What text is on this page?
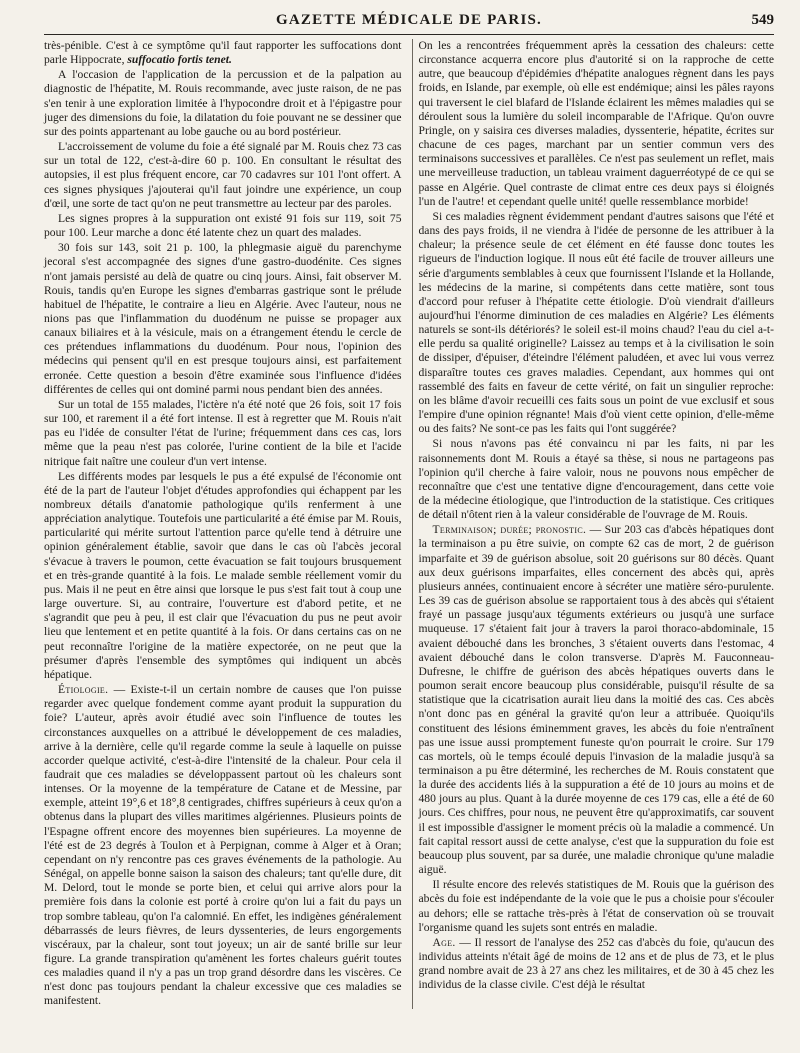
GAZETTE MÉDICALE DE PARIS.	549

très-pénible. C'est à ce symptôme qu'il faut rapporter les suffocations dont parle Hippocrate, suffocatio fortis tenet.

A l'occasion de l'application de la percussion et de la palpation au diagnostic de l'hépatite, M. Rouis recommande, avec juste raison, de ne pas s'en tenir à une exploration limitée à l'hypocondre droit et à l'épigastre pour juger des dimensions du foie, la dilatation du foie pouvant ne se dessiner que sur des points appartenant au lobe gauche ou au bord postérieur.

L'accroissement de volume du foie a été signalé par M. Rouis chez 73 cas sur un total de 122, c'est-à-dire 60 p. 100. En consultant le résultat des autopsies, il est plus fréquent encore, car 70 cadavres sur 101 l'ont offert. A ces signes physiques j'ajouterai qu'il faut joindre une expérience, un coup d'œil, une sorte de tact qu'on ne peut transmettre au lecteur par des paroles.

Les signes propres à la suppuration ont existé 91 fois sur 119, soit 75 pour 100. Leur marche a donc été latente chez un quart des malades.

30 fois sur 143, soit 21 p. 100, la phlegmasie aiguë du parenchyme jecoral s'est accompagnée des signes d'une gastro-duodénite. Ces signes n'ont jamais persisté au delà de quatre ou cinq jours. Ainsi, fait observer M. Rouis, tandis qu'en Europe les signes d'embarras gastrique sont le prélude habituel de l'hépatite, le contraire a lieu en Algérie. Avec l'auteur, nous ne nions pas que l'inflammation du duodénum ne puisse se propager aux canaux biliaires et à la vésicule, mais on a étrangement étendu le cercle de ces prétendues inflammations du duodénum. Pour nous, l'opinion des médecins qui pensent qu'il en est presque toujours ainsi, est parfaitement erronée. Cette question a besoin d'être examinée sous l'influence d'idées différentes de celles qui ont dominé parmi nous pendant bien des années.

Sur un total de 155 malades, l'ictère n'a été noté que 26 fois, soit 17 fois sur 100, et rarement il a été fort intense. Il est à regretter que M. Rouis n'ait pas eu l'idée de consulter l'état de l'urine; fréquemment dans ces cas, lors même que la peau n'est pas colorée, l'urine contient de la bile et l'acide nitrique fait naître une couleur d'un vert intense.

Les différents modes par lesquels le pus a été expulsé de l'économie ont été de la part de l'auteur l'objet d'études approfondies qui échappent par les nombreux détails d'anatomie pathologique qu'ils renferment à une appréciation analytique. Toutefois une particularité a été émise par M. Rouis, particularité qui mérite surtout l'attention parce qu'elle tend à détruire une opinion généralement établie, savoir que dans le cas où l'abcès jecoral s'évacue à travers le poumon, cette évacuation se fait toujours brusquement et en très-grande quantité à la fois. Le malade semble réellement vomir du pus. Mais il ne peut en être ainsi que lorsque le pus s'est fait tout à coup une large ouverture. Si, au contraire, l'ouverture est d'abord petite, et ne s'agrandit que peu à peu, il est clair que l'évacuation du pus ne peut avoir lieu que lentement et en petite quantité à la fois. Or dans certains cas on ne peut reconnaître l'origine de la matière expectorée, on ne peut que la présumer d'après l'ensemble des symptômes qui indiquent un abcès hépatique.

Étiologie. — Existe-t-il un certain nombre de causes que l'on puisse regarder avec quelque fondement comme ayant produit la suppuration du foie? L'auteur, après avoir étudié avec soin l'influence de toutes les circonstances auxquelles on a attribué le développement de ces maladies, arrive à la dernière, celle qu'il regarde comme la seule à laquelle on puisse accorder quelque activité, c'est-à-dire l'intensité de la chaleur. Pour cela il faudrait que ces maladies se développassent partout où les chaleurs sont intenses. Or la moyenne de la température de Catane et de Messine, par exemple, atteint 19°,6 et 18°,8 centigrades, chiffres supérieurs à ceux qu'on a obtenus dans la plupart des villes maritimes algériennes. Plusieurs points de l'Espagne offrent encore des moyennes bien supérieures. La moyenne de l'été est de 23 degrés à Toulon et à Perpignan, comme à Alger et à Oran; cependant on n'y rencontre pas ces graves événements de la pathologie. Au Sénégal, on appelle bonne saison la saison des chaleurs; tant qu'elle dure, dit M. Delord, tout le monde se porte bien, et celui qui arrive alors pour la première fois dans la colonie est porté à croire qu'on lui a fait du pays un trop sombre tableau, qu'on l'a calomnié. En effet, les indigènes généralement débarrassés de leurs fièvres, de leurs dyssenteries, de leurs engorgements viscéraux, par la chaleur, sont tout joyeux; un air de santé brille sur leur figure. La grande transpiration qu'amènent les fortes chaleurs guérit toutes ces maladies quand il n'y a pas un trop grand désordre dans les viscères. Ce n'est donc pas toujours pendant la chaleur excessive que ces maladies se manifestent.

On les a rencontrées fréquemment après la cessation des chaleurs: cette circonstance acquerra encore plus d'autorité si on la rapproche de cette autre, que beaucoup d'épidémies d'hépatite analogues règnent dans les pays froids, en Islande, par exemple, où elle est endémique; ainsi les pâles rayons qui traversent le ciel blafard de l'Islande éclairent les mêmes maladies qui se déroulent sous la lumière du soleil incomparable de l'Afrique. Qu'on ouvre Pringle, on y saisira ces diverses maladies, dyssenterie, hépatite, écrites sur chacune de ces pages, marchant par un sentier commun vers des terminaisons successives et parallèles. Ce n'est pas seulement un reflet, mais une merveilleuse traduction, un tableau vraiment daguerréotypé de ce qui se passe en Algérie. Quel contraste de climat entre ces deux pays si éloignés l'un de l'autre! et cependant quelle unité! quelle ressemblance morbide!

Si ces maladies règnent évidemment pendant d'autres saisons que l'été et dans des pays froids, il ne viendra à l'idée de personne de les attribuer à la chaleur; la présence seule de cet élément en été fausse donc toutes les rigueurs de l'induction logique. Il nous eût été facile de trouver ailleurs une série d'arguments semblables à ceux que fournissent l'Islande et la Hollande, les médecins de la marine, si compétents dans cette matière, sont tous d'accord pour refuser à l'hépatite cette étiologie. D'où viendrait d'ailleurs aujourd'hui l'énorme diminution de ces maladies en Algérie? Les éléments naturels se sont-ils détériorés? le soleil est-il moins chaud? l'eau du ciel a-t-elle perdu sa qualité originelle? Laissez au temps et à la civilisation le soin de dissiper, d'épuiser, d'éteindre l'élément paludéen, et avec lui vous verrez disparaître toutes ces graves maladies. Cependant, aux hommes qui ont rassemblé des faits en faveur de cette vérité, on fait un singulier reproche: on les blâme d'avoir recueilli ces faits sous un point de vue exclusif et sous l'empire d'une opinion régnante! Mais d'où vient cette opinion, d'elle-même ou des faits? Ne sont-ce pas les faits qui l'ont suggérée?

Si nous n'avons pas été convaincu ni par les faits, ni par les raisonnements dont M. Rouis a étayé sa thèse, si nous ne partageons pas l'opinion qu'il cherche à faire valoir, nous ne pouvons nous empêcher de reconnaître que c'est une tentative digne d'encouragement, dans cette voie de la médecine étiologique, que l'introduction de la statistique. Ces critiques de détail n'ôtent rien à la valeur considérable de l'ouvrage de M. Rouis.

Terminaison; durée; pronostic. — Sur 203 cas d'abcès hépatiques dont la terminaison a pu être suivie, on compte 62 cas de mort, 2 de guérison imparfaite et 39 de guérison absolue, soit 20 guérisons sur 80 décès. Quant aux deux guérisons imparfaites, elles concernent des abcès qui, après plusieurs années, continuaient encore à sécréter une matière séro-purulente. Les 39 cas de guérison absolue se rapportaient tous à des abcès qui s'étaient frayé un passage jusqu'aux téguments extérieurs ou jusqu'à une surface muqueuse. 17 s'étaient fait jour à travers la paroi thoraco-abdominale, 15 avaient débouché dans les bronches, 3 s'étaient ouverts dans l'estomac, 4 avaient débouché dans le colon transverse. D'après M. Fauconneau-Dufresne, le chiffre de guérison des abcès hépatiques ouverts dans le poumon serait encore beaucoup plus considérable, puisqu'il résulte de sa statistique que la cicatrisation aurait lieu dans la moitié des cas. Ces abcès n'ont donc pas en général la gravité qu'on leur a attribuée. Quoiqu'ils constituent des lésions éminemment graves, les abcès du foie n'entraînent pas une issue aussi promptement funeste qu'on pourrait le croire. Sur 179 cas mortels, où le temps écoulé depuis l'invasion de la maladie jusqu'à sa terminaison a pu être déterminé, les recherches de M. Rouis constatent que la durée des accidents liés à la suppuration a été de 10 jours au moins et de 480 jours au plus. Quant à la durée moyenne de ces 179 cas, elle a été de 60 jours. Ces chiffres, pour nous, ne peuvent être qu'approximatifs, car souvent il est impossible d'assigner le moment précis où la maladie a commencé. Un fait capital ressort aussi de cette analyse, c'est que la suppuration du foie est beaucoup plus souvent, par sa durée, une maladie chronique qu'une maladie aiguë.

Il résulte encore des relevés statistiques de M. Rouis que la guérison des abcès du foie est indépendante de la voie que le pus a choisie pour s'écouler au dehors; elle se rattache très-près à l'état de conservation où se trouvait l'organisme quand les sujets sont entrés en maladie.

Age. — Il ressort de l'analyse des 252 cas d'abcès du foie, qu'aucun des individus atteints n'était âgé de moins de 12 ans et de plus de 73, et le plus grand nombre avait de 23 à 27 ans chez les militaires, et de 30 à 45 chez les individus de la classe civile. C'est déjà le résultat
